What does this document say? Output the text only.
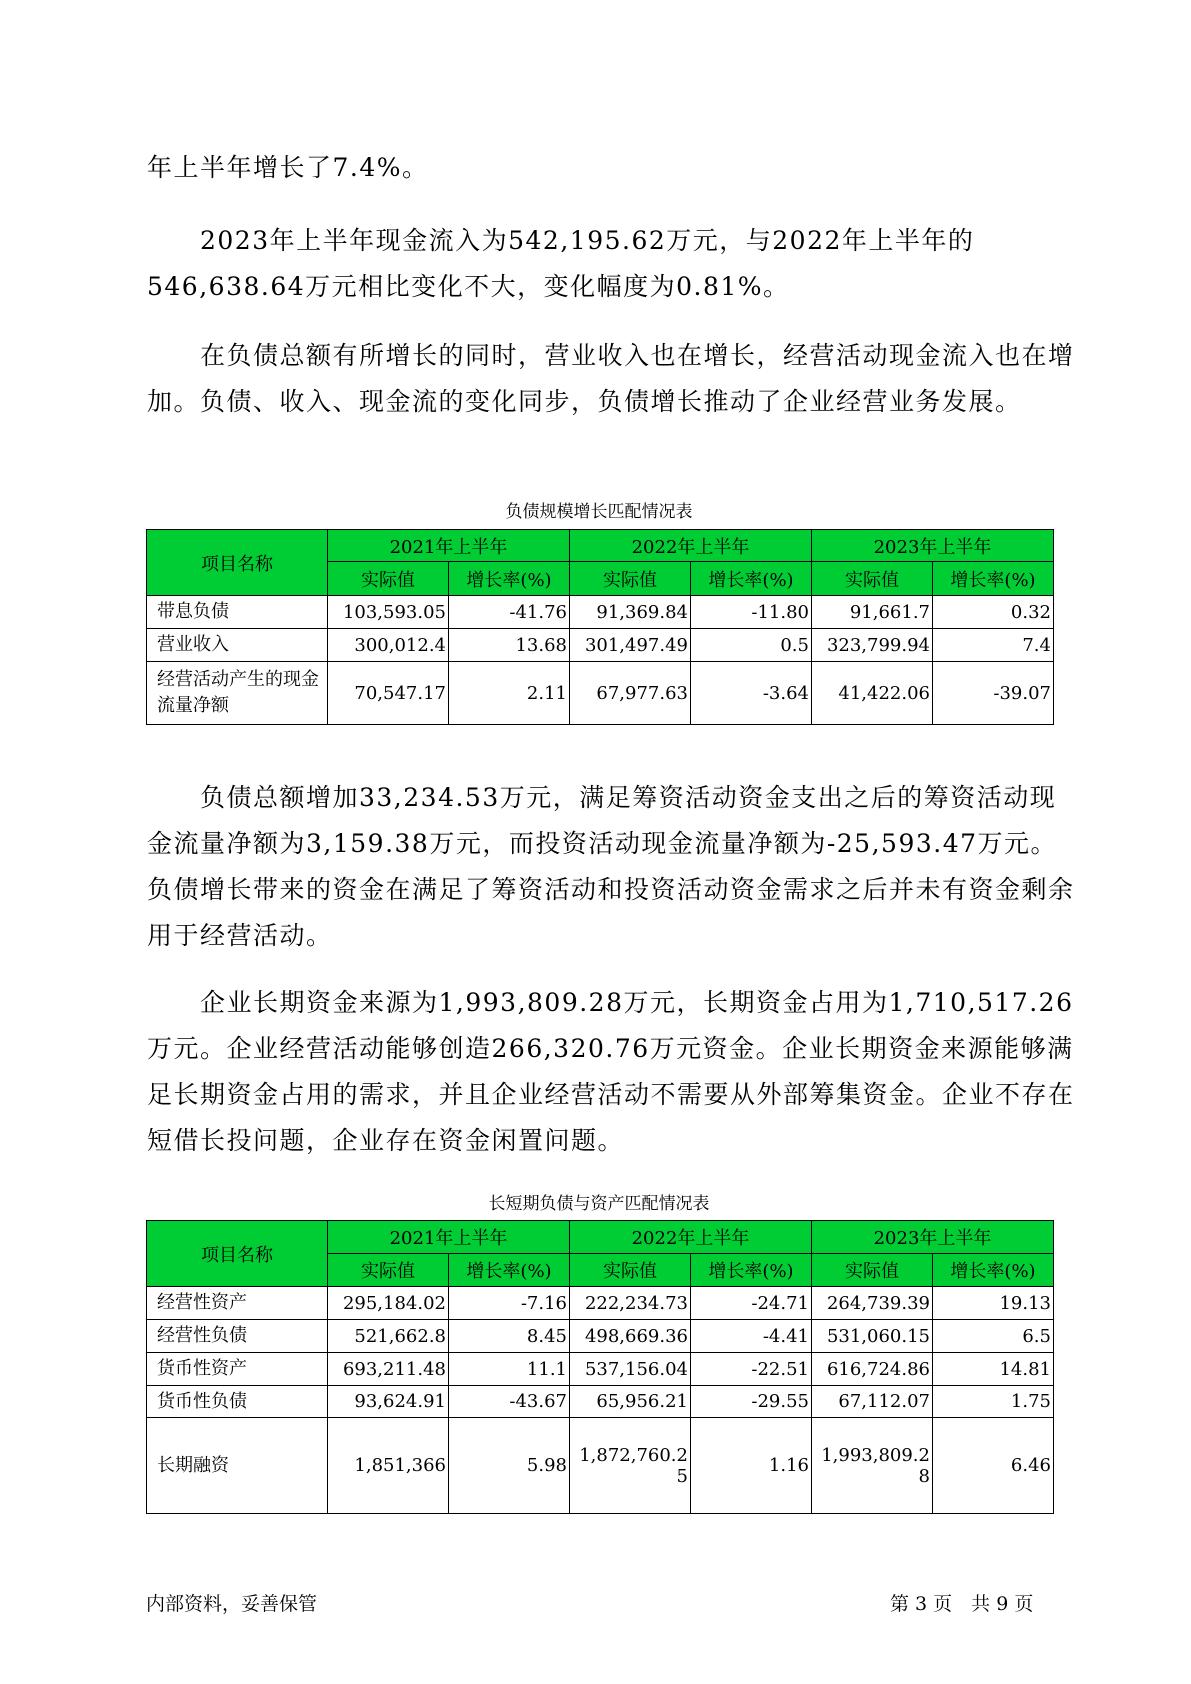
年上半年增长了7.4%。

　　2023年上半年现金流入为542,195.62万元，与2022年上半年的546,638.64万元相比变化不大，变化幅度为0.81%。

　　在负债总额有所增长的同时，营业收入也在增长，经营活动现金流入也在增加。负债、收入、现金流的变化同步，负债增长推动了企业经营业务发展。

负债规模增长匹配情况表

项目名称	2021年上半年		2022年上半年		2023年上半年	
	实际值	增长率(%)	实际值	增长率(%)	实际值	增长率(%)
带息负债	103,593.05	-41.76	91,369.84	-11.80	91,661.7	0.32
营业收入	300,012.4	13.68	301,497.49	0.5	323,799.94	7.4
经营活动产生的现金流量净额	70,547.17	2.11	67,977.63	-3.64	41,422.06	-39.07

　　负债总额增加33,234.53万元，满足筹资活动资金支出之后的筹资活动现金流量净额为3,159.38万元，而投资活动现金流量净额为-25,593.47万元。负债增长带来的资金在满足了筹资活动和投资活动资金需求之后并未有资金剩余用于经营活动。

　　企业长期资金来源为1,993,809.28万元，长期资金占用为1,710,517.26万元。企业经营活动能够创造266,320.76万元资金。企业长期资金来源能够满足长期资金占用的需求，并且企业经营活动不需要从外部筹集资金。企业不存在短借长投问题，企业存在资金闲置问题。

长短期负债与资产匹配情况表

项目名称	2021年上半年		2022年上半年		2023年上半年	
	实际值	增长率(%)	实际值	增长率(%)	实际值	增长率(%)
经营性资产	295,184.02	-7.16	222,234.73	-24.71	264,739.39	19.13
经营性负债	521,662.8	8.45	498,669.36	-4.41	531,060.15	6.5
货币性资产	693,211.48	11.1	537,156.04	-22.51	616,724.86	14.81
货币性负债	93,624.91	-43.67	65,956.21	-29.55	67,112.07	1.75
长期融资	1,851,366	5.98	1,872,760.25	1.16	1,993,809.28	6.46

内部资料，妥善保管	第 3 页　共 9 页
